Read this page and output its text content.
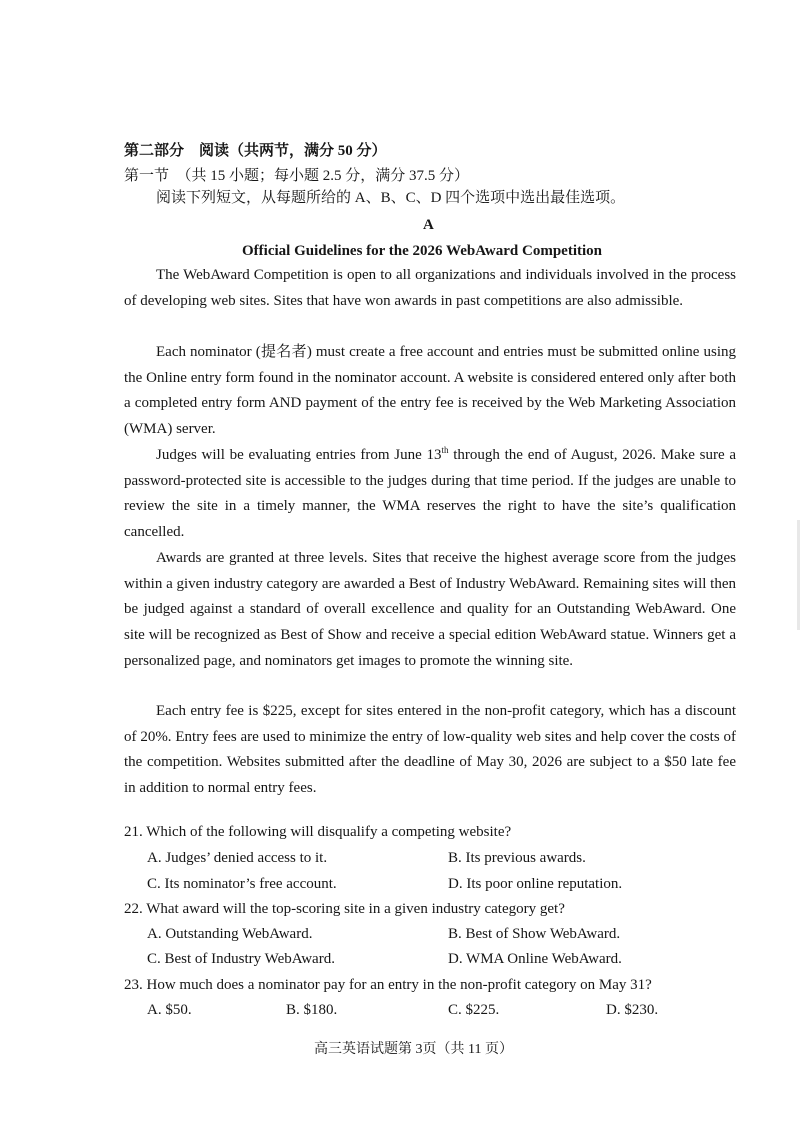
第二部分　阅读（共两节，满分 50 分）
第一节　（共 15 小题；每小题 2.5 分，满分 37.5 分）
阅读下列短文，从每题所给的 A、B、C、D 四个选项中选出最佳选项。
A
Official Guidelines for the 2026 WebAward Competition
The WebAward Competition is open to all organizations and individuals involved in the process of developing web sites. Sites that have won awards in past competitions are also admissible.
Each nominator (提名者) must create a free account and entries must be submitted online using the Online entry form found in the nominator account. A website is considered entered only after both a completed entry form AND payment of the entry fee is received by the Web Marketing Association (WMA) server.
Judges will be evaluating entries from June 13th through the end of August, 2026. Make sure a password-protected site is accessible to the judges during that time period. If the judges are unable to review the site in a timely manner, the WMA reserves the right to have the site’s qualification cancelled.
Awards are granted at three levels. Sites that receive the highest average score from the judges within a given industry category are awarded a Best of Industry WebAward. Remaining sites will then be judged against a standard of overall excellence and quality for an Outstanding WebAward. One site will be recognized as Best of Show and receive a special edition WebAward statue. Winners get a personalized page, and nominators get images to promote the winning site.
Each entry fee is $225, except for sites entered in the non-profit category, which has a discount of 20%. Entry fees are used to minimize the entry of low-quality web sites and help cover the costs of the competition. Websites submitted after the deadline of May 30, 2026 are subject to a $50 late fee in addition to normal entry fees.
21. Which of the following will disqualify a competing website?
A. Judges’ denied access to it.	B. Its previous awards.
C. Its nominator’s free account.	D. Its poor online reputation.
22. What award will the top-scoring site in a given industry category get?
A. Outstanding WebAward.	B. Best of Show WebAward.
C. Best of Industry WebAward.	D. WMA Online WebAward.
23. How much does a nominator pay for an entry in the non-profit category on May 31?
A. $50.	B. $180.	C. $225.	D. $230.
高三英语试题第 3页（共 11 页）
